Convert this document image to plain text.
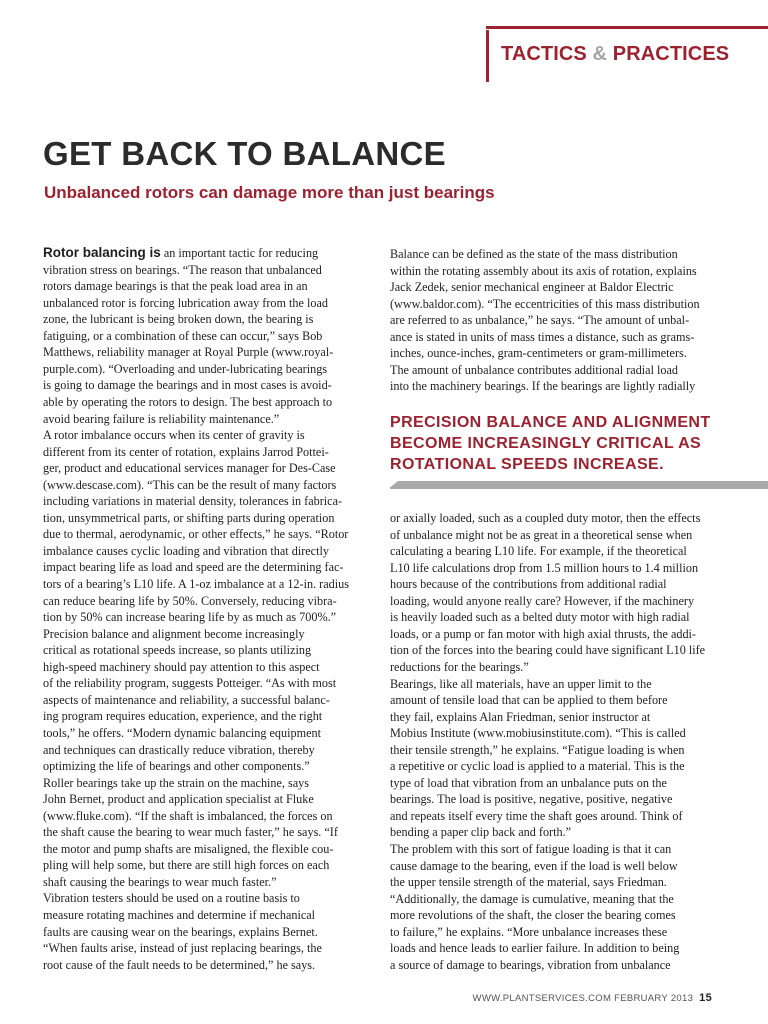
TACTICS & PRACTICES
GET BACK TO BALANCE
Unbalanced rotors can damage more than just bearings
Rotor balancing is an important tactic for reducing
vibration stress on bearings. “The reason that unbalanced
rotors damage bearings is that the peak load area in an
unbalanced rotor is forcing lubrication away from the load
zone, the lubricant is being broken down, the bearing is
fatiguing, or a combination of these can occur,” says Bob
Matthews, reliability manager at Royal Purple (www.royal-
purple.com). “Overloading and under-lubricating bearings
is going to damage the bearings and in most cases is avoid-
able by operating the rotors to design. The best approach to
avoid bearing failure is reliability maintenance.”
A rotor imbalance occurs when its center of gravity is
different from its center of rotation, explains Jarrod Pottei-
ger, product and educational services manager for Des-Case
(www.descase.com). “This can be the result of many factors
including variations in material density, tolerances in fabrica-
tion, unsymmetrical parts, or shifting parts during operation
due to thermal, aerodynamic, or other effects,” he says. “Rotor
imbalance causes cyclic loading and vibration that directly
impact bearing life as load and speed are the determining fac-
tors of a bearing’s L10 life. A 1-oz imbalance at a 12-in. radius
can reduce bearing life by 50%. Conversely, reducing vibra-
tion by 50% can increase bearing life by as much as 700%.”
Precision balance and alignment become increasingly
critical as rotational speeds increase, so plants utilizing
high-speed machinery should pay attention to this aspect
of the reliability program, suggests Potteiger. “As with most
aspects of maintenance and reliability, a successful balanc-
ing program requires education, experience, and the right
tools,” he offers. “Modern dynamic balancing equipment
and techniques can drastically reduce vibration, thereby
optimizing the life of bearings and other components.”
Roller bearings take up the strain on the machine, says
John Bernet, product and application specialist at Fluke
(www.fluke.com). “If the shaft is imbalanced, the forces on
the shaft cause the bearing to wear much faster,” he says. “If
the motor and pump shafts are misaligned, the flexible cou-
pling will help some, but there are still high forces on each
shaft causing the bearings to wear much faster.”
Vibration testers should be used on a routine basis to
measure rotating machines and determine if mechanical
faults are causing wear on the bearings, explains Bernet.
“When faults arise, instead of just replacing bearings, the
root cause of the fault needs to be determined,” he says.
Balance can be defined as the state of the mass distribution
within the rotating assembly about its axis of rotation, explains
Jack Zedek, senior mechanical engineer at Baldor Electric
(www.baldor.com). “The eccentricities of this mass distribution
are referred to as unbalance,” he says. “The amount of unbal-
ance is stated in units of mass times a distance, such as grams-
inches, ounce-inches, gram-centimeters or gram-millimeters.
The amount of unbalance contributes additional radial load
into the machinery bearings. If the bearings are lightly radially
PRECISION BALANCE AND ALIGNMENT
BECOME INCREASINGLY CRITICAL AS
ROTATIONAL SPEEDS INCREASE.
or axially loaded, such as a coupled duty motor, then the effects
of unbalance might not be as great in a theoretical sense when
calculating a bearing L10 life. For example, if the theoretical
L10 life calculations drop from 1.5 million hours to 1.4 million
hours because of the contributions from additional radial
loading, would anyone really care? However, if the machinery
is heavily loaded such as a belted duty motor with high radial
loads, or a pump or fan motor with high axial thrusts, the addi-
tion of the forces into the bearing could have significant L10 life
reductions for the bearings.”
Bearings, like all materials, have an upper limit to the
amount of tensile load that can be applied to them before
they fail, explains Alan Friedman, senior instructor at
Mobius Institute (www.mobiusinstitute.com). “This is called
their tensile strength,” he explains. “Fatigue loading is when
a repetitive or cyclic load is applied to a material. This is the
type of load that vibration from an unbalance puts on the
bearings. The load is positive, negative, positive, negative
and repeats itself every time the shaft goes around. Think of
bending a paper clip back and forth.”
The problem with this sort of fatigue loading is that it can
cause damage to the bearing, even if the load is well below
the upper tensile strength of the material, says Friedman.
“Additionally, the damage is cumulative, meaning that the
more revolutions of the shaft, the closer the bearing comes
to failure,” he explains. “More unbalance increases these
loads and hence leads to earlier failure. In addition to being
a source of damage to bearings, vibration from unbalance
WWW.PLANTSERVICES.COM FEBRUARY 2013 15
